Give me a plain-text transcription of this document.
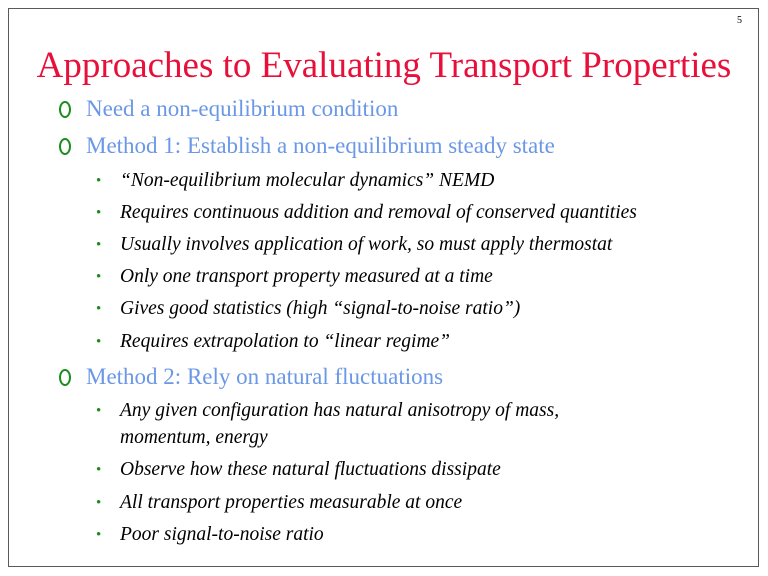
5
Approaches to Evaluating Transport Properties
Need a non-equilibrium condition
Method 1: Establish a non-equilibrium steady state
• “Non-equilibrium molecular dynamics” NEMD
• Requires continuous addition and removal of conserved quantities
• Usually involves application of work, so must apply thermostat
• Only one transport property measured at a time
• Gives good statistics (high “signal-to-noise ratio”)
• Requires extrapolation to “linear regime”
Method 2: Rely on natural fluctuations
• Any given configuration has natural anisotropy of mass, momentum, energy
• Observe how these natural fluctuations dissipate
• All transport properties measurable at once
• Poor signal-to-noise ratio
